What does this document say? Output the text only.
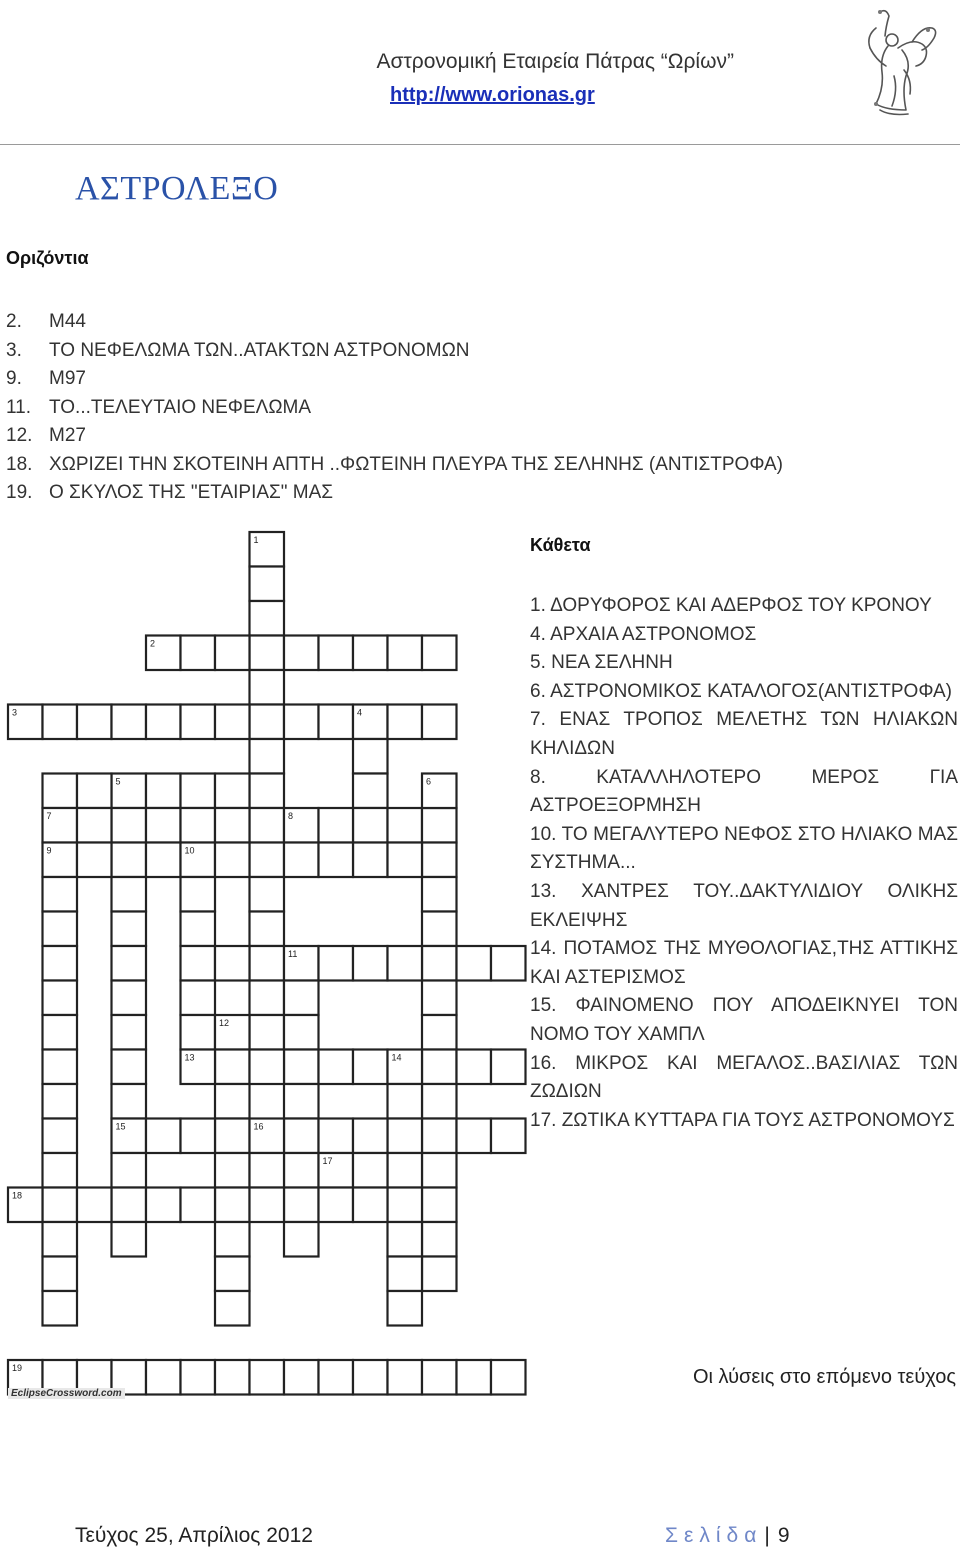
Αστρονομική Εταιρεία Πάτρας “Ωρίων”
http://www.orionas.gr
ΑΣΤΡΟΛΕΞΟ
Οριζόντια
2. Μ44
3. ΤΟ ΝΕΦΕΛΩΜΑ ΤΩΝ..ΑΤΑΚΤΩΝ ΑΣΤΡΟΝΟΜΩΝ
9. Μ97
11. ΤΟ...ΤΕΛΕΥΤΑΙΟ ΝΕΦΕΛΩΜΑ
12. Μ27
18. ΧΩΡΙΖΕΙ ΤΗΝ ΣΚΟΤΕΙΝΗ ΑΠΤΗ ..ΦΩΤΕΙΝΗ ΠΛΕΥΡΑ ΤΗΣ ΣΕΛΗΝΗΣ (ΑΝΤΙΣΤΡΟΦΑ)
19. Ο ΣΚΥΛΟΣ ΤΗΣ "ΕΤΑΙΡΙΑΣ" ΜΑΣ
Κάθετα
1. ΔΟΡΥΦΟΡΟΣ ΚΑΙ ΑΔΕΡΦΟΣ ΤΟΥ ΚΡΟΝΟΥ
4. ΑΡΧΑΙΑ ΑΣΤΡΟΝΟΜΟΣ
5. ΝΕΑ ΣΕΛΗΝΗ
6. ΑΣΤΡΟΝΟΜΙΚΟΣ ΚΑΤΑΛΟΓΟΣ(ΑΝΤΙΣΤΡΟΦΑ)
7. ΕΝΑΣ ΤΡΟΠΟΣ ΜΕΛΕΤΗΣ ΤΩΝ ΗΛΙΑΚΩΝ ΚΗΛΙΔΩΝ
8.	ΚΑΤΑΛΛΗΛΟΤΕΡΟ ΜΕΡΟΣ ΓΙΑ ΑΣΤΡΟΕΞΟΡΜΗΣΗ
10. ΤΟ ΜΕΓΑΛΥΤΕΡΟ ΝΕΦΟΣ ΣΤΟ ΗΛΙΑΚΟ ΜΑΣ ΣΥΣΤΗΜΑ...
13. ΧΑΝΤΡΕΣ ΤΟΥ..ΔΑΚΤΥΛΙΔΙΟΥ ΟΛΙΚΗΣ ΕΚΛΕΙΨΗΣ
14. ΠΟΤΑΜΟΣ ΤΗΣ ΜΥΘΟΛΟΓΙΑΣ,ΤΗΣ ΑΤΤΙΚΗΣ ΚΑΙ ΑΣΤΕΡΙΣΜΟΣ
15. ΦΑΙΝΟΜΕΝΟ ΠΟΥ ΑΠΟΔΕΙΚΝΥΕΙ ΤΟΝ ΝΟΜΟ ΤΟΥ ΧΑΜΠΛ
16. ΜΙΚΡΟΣ ΚΑΙ ΜΕΓΑΛΟΣ..ΒΑΣΙΛΙΑΣ ΤΩΝ ΖΩΔΙΩΝ
17. ΖΩΤΙΚΑ ΚΥΤΤΑΡΑ ΓΙΑ ΤΟΥΣ ΑΣΤΡΟΝΟΜΟΥΣ
1
2
3	4
5	6
7	8
9	10
11
12
13	14
15	16
17
18
19
EclipseCrossword.com
Οι λύσεις στο επόμενο τεύχος
Τεύχος 25, Απρίλιος 2012	Σελίδα| 9
